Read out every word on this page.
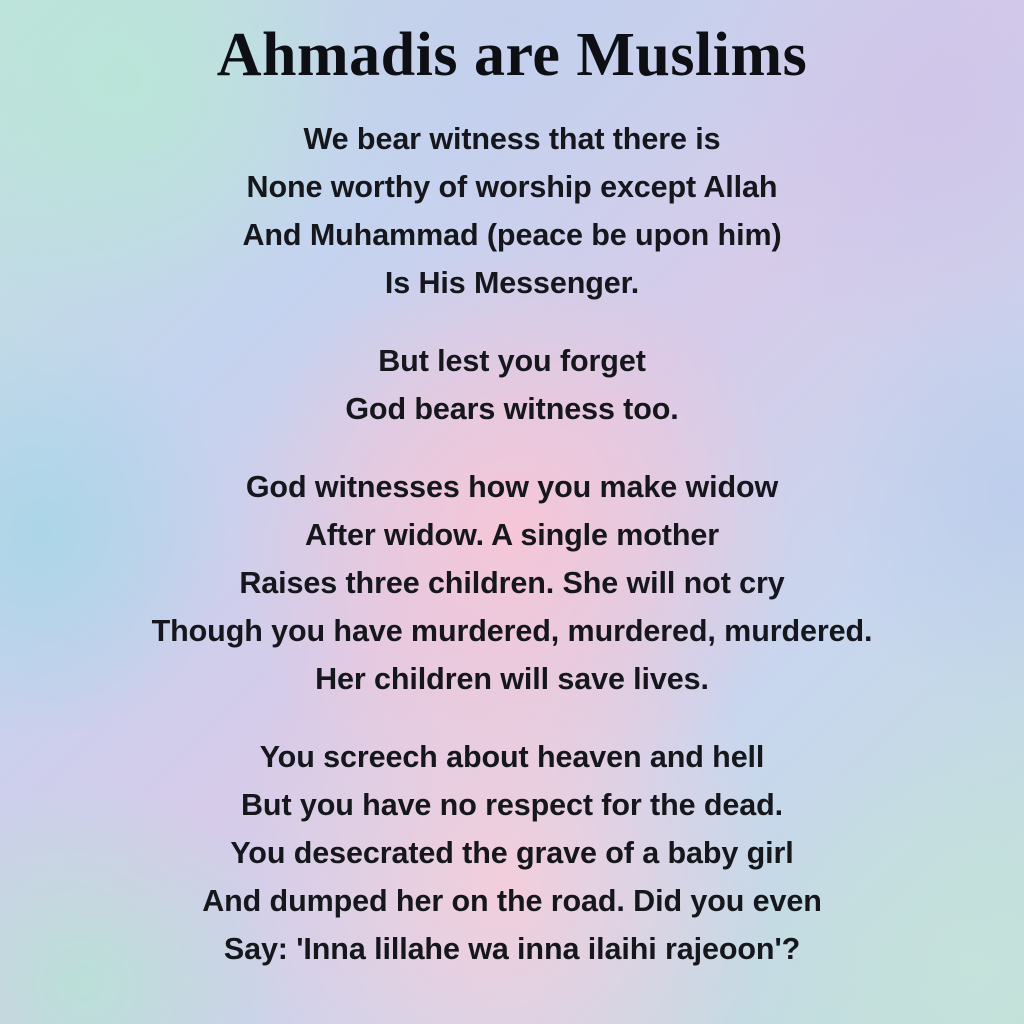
Ahmadis are Muslims
We bear witness that there is
None worthy of worship except Allah
And Muhammad (peace be upon him)
Is His Messenger.
But lest you forget
God bears witness too.
God witnesses how you make widow
After widow. A single mother
Raises three children. She will not cry
Though you have murdered, murdered, murdered.
Her children will save lives.
You screech about heaven and hell
But you have no respect for the dead.
You desecrated the grave of a baby girl
And dumped her on the road. Did you even
Say: 'Inna lillahe wa inna ilaihi rajeoon'?
